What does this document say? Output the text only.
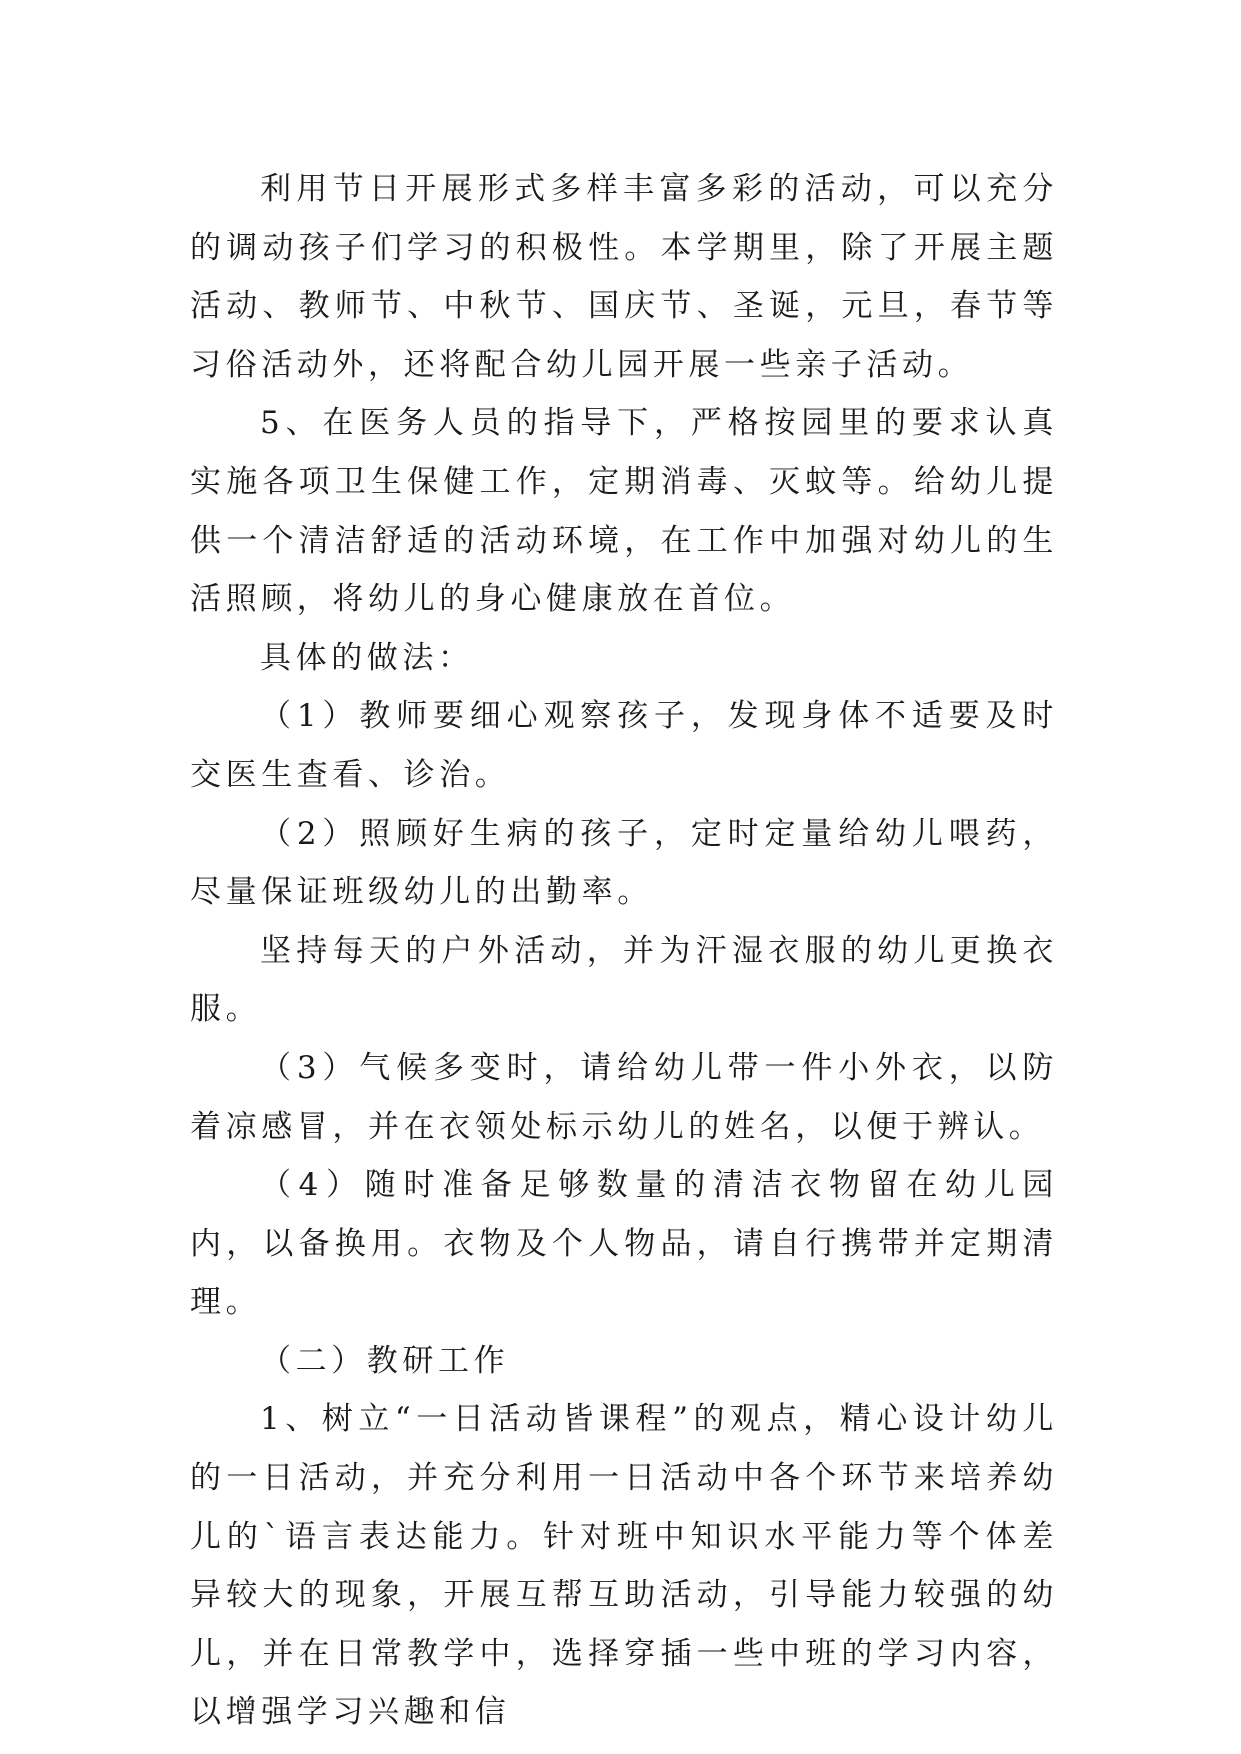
利用节日开展形式多样丰富多彩的活动，可以充分的调动孩子们学习的积极性。本学期里，除了开展主题活动、教师节、中秋节、国庆节、圣诞，元旦，春节等习俗活动外，还将配合幼儿园开展一些亲子活动。

5、在医务人员的指导下，严格按园里的要求认真实施各项卫生保健工作，定期消毒、灭蚊等。给幼儿提供一个清洁舒适的活动环境，在工作中加强对幼儿的生活照顾，将幼儿的身心健康放在首位。

具体的做法：

（1）教师要细心观察孩子，发现身体不适要及时交医生查看、诊治。

（2）照顾好生病的孩子，定时定量给幼儿喂药，尽量保证班级幼儿的出勤率。

坚持每天的户外活动，并为汗湿衣服的幼儿更换衣服。

（3）气候多变时，请给幼儿带一件小外衣，以防着凉感冒，并在衣领处标示幼儿的姓名，以便于辨认。

（4）随时准备足够数量的清洁衣物留在幼儿园内，以备换用。衣物及个人物品，请自行携带并定期清理。

（二）教研工作

1、树立“一日活动皆课程”的观点，精心设计幼儿的一日活动，并充分利用一日活动中各个环节来培养幼儿的`语言表达能力。针对班中知识水平能力等个体差异较大的现象，开展互帮互助活动，引导能力较强的幼儿，并在日常教学中，选择穿插一些中班的学习内容，以增强学习兴趣和信
